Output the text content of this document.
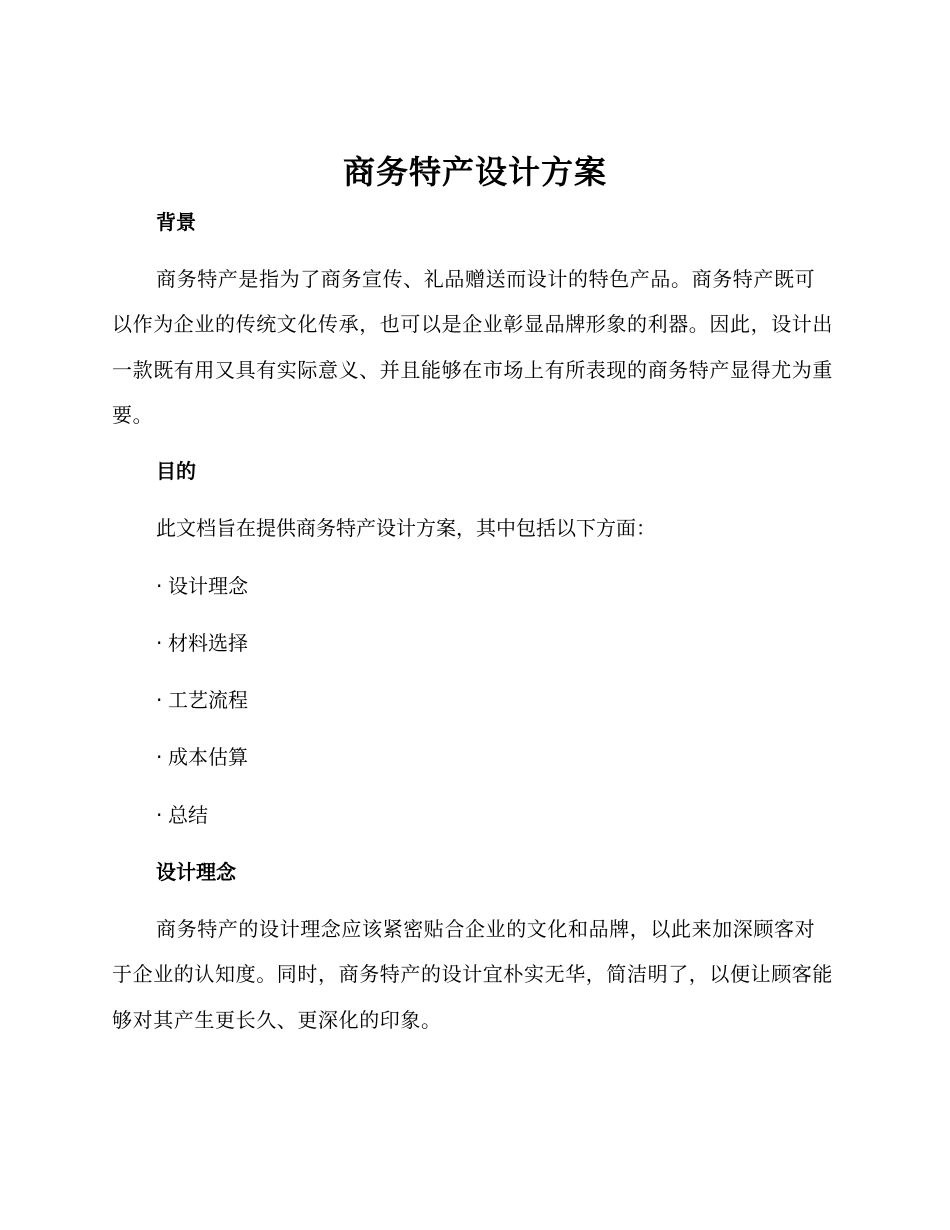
商务特产设计方案
背景
商务特产是指为了商务宣传、礼品赠送而设计的特色产品。商务特产既可以作为企业的传统文化传承，也可以是企业彰显品牌形象的利器。因此，设计出一款既有用又具有实际意义、并且能够在市场上有所表现的商务特产显得尤为重要。
目的
此文档旨在提供商务特产设计方案，其中包括以下方面：
· 设计理念
· 材料选择
· 工艺流程
· 成本估算
· 总结
设计理念
商务特产的设计理念应该紧密贴合企业的文化和品牌，以此来加深顾客对于企业的认知度。同时，商务特产的设计宜朴实无华，简洁明了，以便让顾客能够对其产生更长久、更深化的印象。
